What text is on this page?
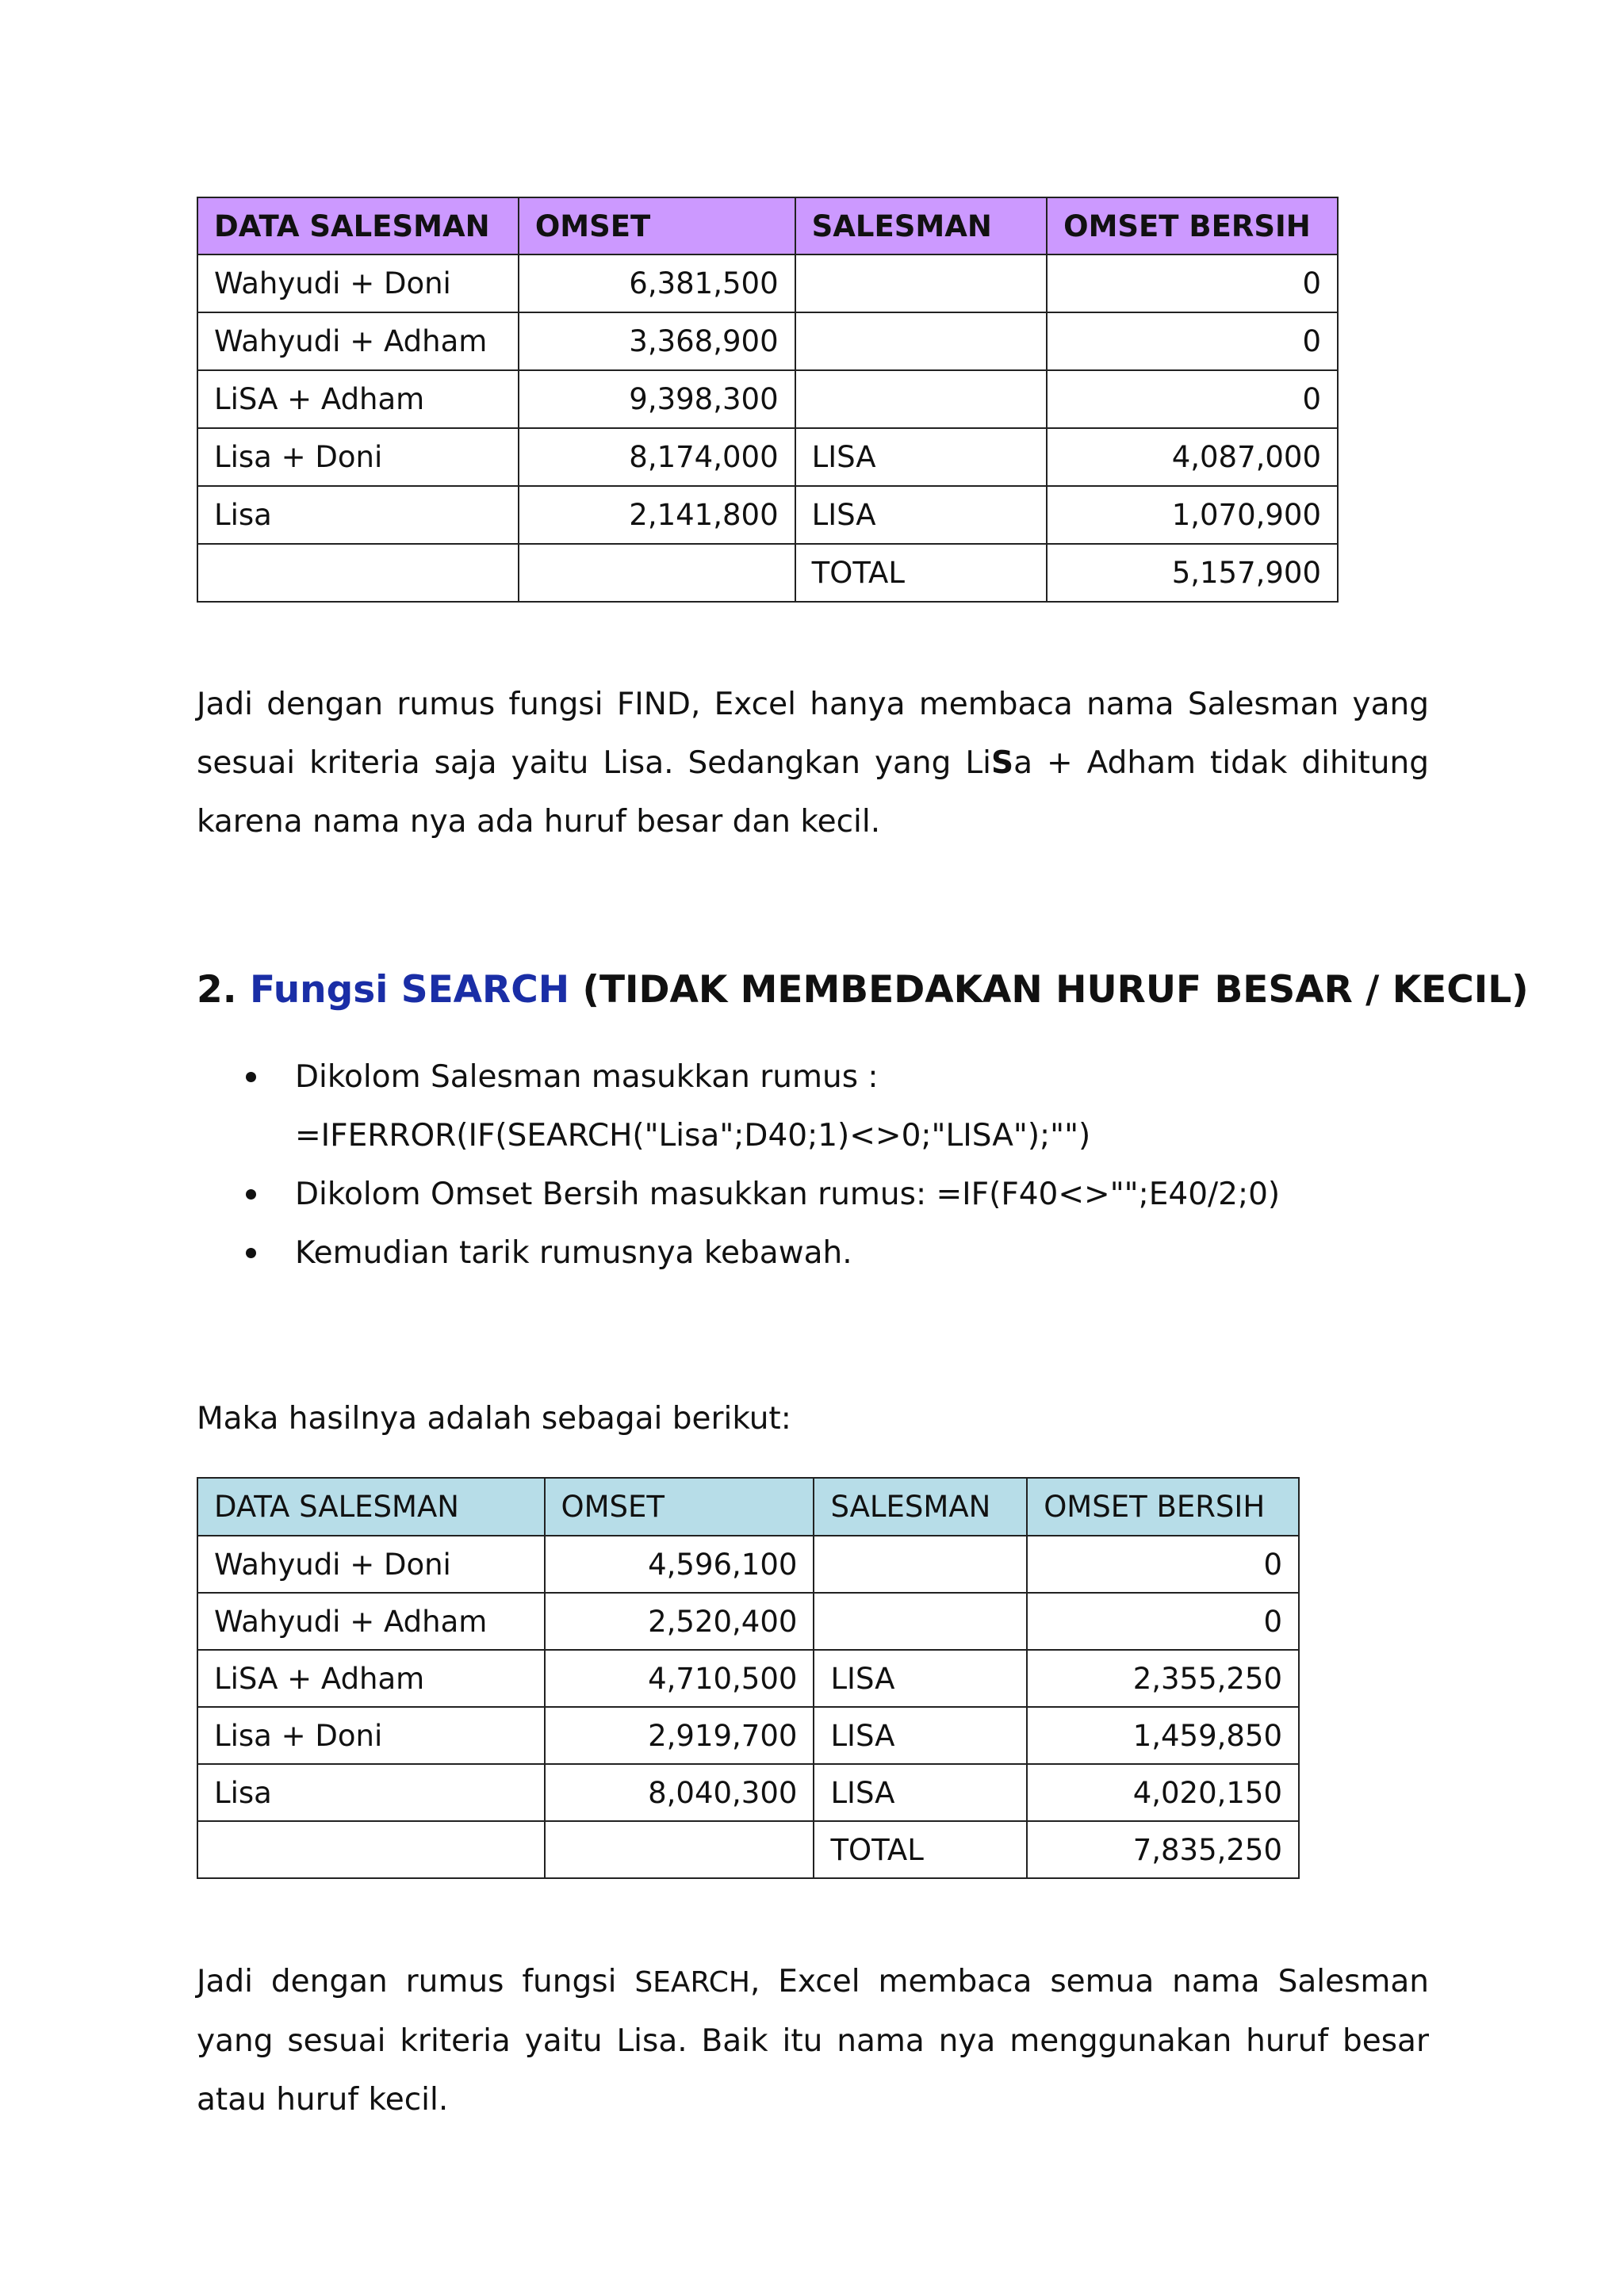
DATA SALESMAN	OMSET	SALESMAN	OMSET BERSIH
Wahyudi + Doni	6,381,500		0
Wahyudi + Adham	3,368,900		0
LiSA + Adham	9,398,300		0
Lisa + Doni	8,174,000	LISA	4,087,000
Lisa	2,141,800	LISA	1,070,900
		TOTAL	5,157,900

Jadi dengan rumus fungsi FIND, Excel hanya membaca nama Salesman yang sesuai kriteria saja yaitu Lisa. Sedangkan yang LiSa + Adham tidak dihitung karena nama nya ada huruf besar dan kecil.

2. Fungsi SEARCH (TIDAK MEMBEDAKAN HURUF BESAR / KECIL)
Dikolom Salesman masukkan rumus :
=IFERROR(IF(SEARCH("Lisa";D40;1)<>0;"LISA");"")
Dikolom Omset Bersih masukkan rumus: =IF(F40<>"";E40/2;0)
Kemudian tarik rumusnya kebawah.

Maka hasilnya adalah sebagai berikut:

DATA SALESMAN	OMSET	SALESMAN	OMSET BERSIH
Wahyudi + Doni	4,596,100		0
Wahyudi + Adham	2,520,400		0
LiSA + Adham	4,710,500	LISA	2,355,250
Lisa + Doni	2,919,700	LISA	1,459,850
Lisa	8,040,300	LISA	4,020,150
		TOTAL	7,835,250

Jadi dengan rumus fungsi SEARCH, Excel membaca semua nama Salesman yang sesuai kriteria yaitu Lisa. Baik itu nama nya menggunakan huruf besar atau huruf kecil.
